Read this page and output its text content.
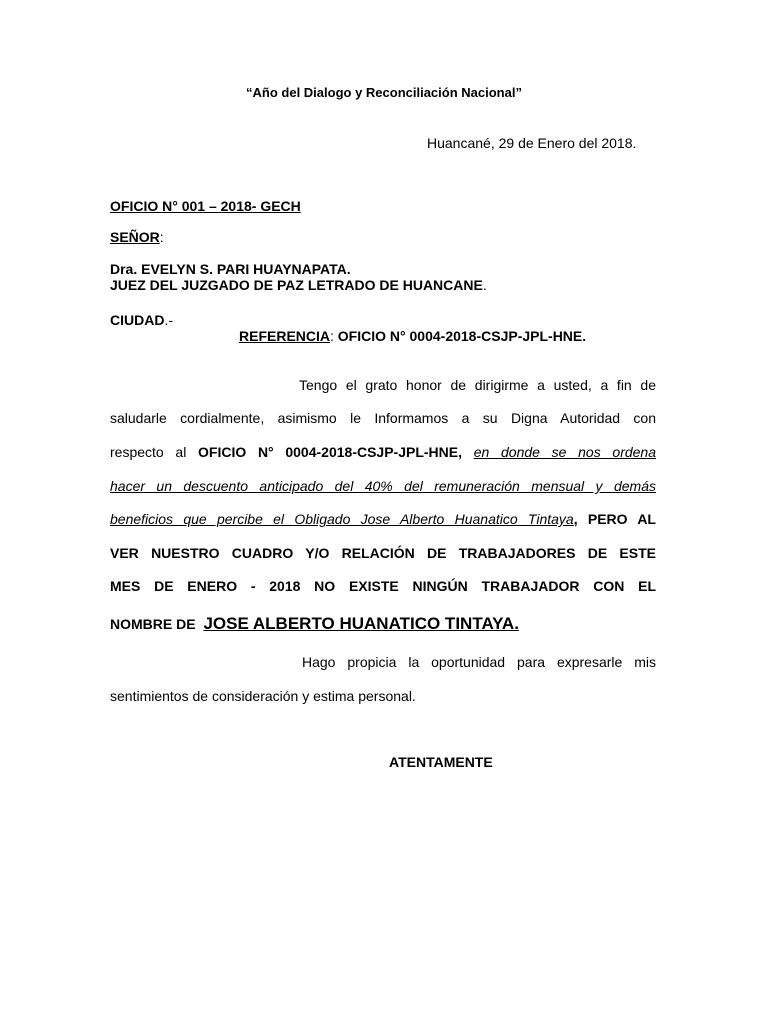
“Año del Dialogo y Reconciliación Nacional”
Huancané, 29 de Enero del 2018.
OFICIO N° 001 – 2018- GECH
SEÑOR:
Dra. EVELYN S. PARI HUAYNAPATA.
JUEZ DEL JUZGADO DE PAZ LETRADO DE HUANCANE.
CIUDAD.-
REFERENCIA: OFICIO N° 0004-2018-CSJP-JPL-HNE.
Tengo el grato honor de dirigirme a usted, a fin de
saludarle cordialmente, asimismo le Informamos a su Digna Autoridad con
respecto al OFICIO N° 0004-2018-CSJP-JPL-HNE, en donde se nos ordena
hacer un descuento anticipado del 40% del remuneración mensual y demás
beneficios que percibe el Obligado Jose Alberto Huanatico Tintaya, PERO AL
VER NUESTRO CUADRO Y/O RELACIÓN DE TRABAJADORES DE ESTE
MES DE ENERO - 2018 NO EXISTE NINGÚN TRABAJADOR CON EL
NOMBRE DE JOSE ALBERTO HUANATICO TINTAYA.
Hago propicia la oportunidad para expresarle mis
sentimientos de consideración y estima personal.
ATENTAMENTE
